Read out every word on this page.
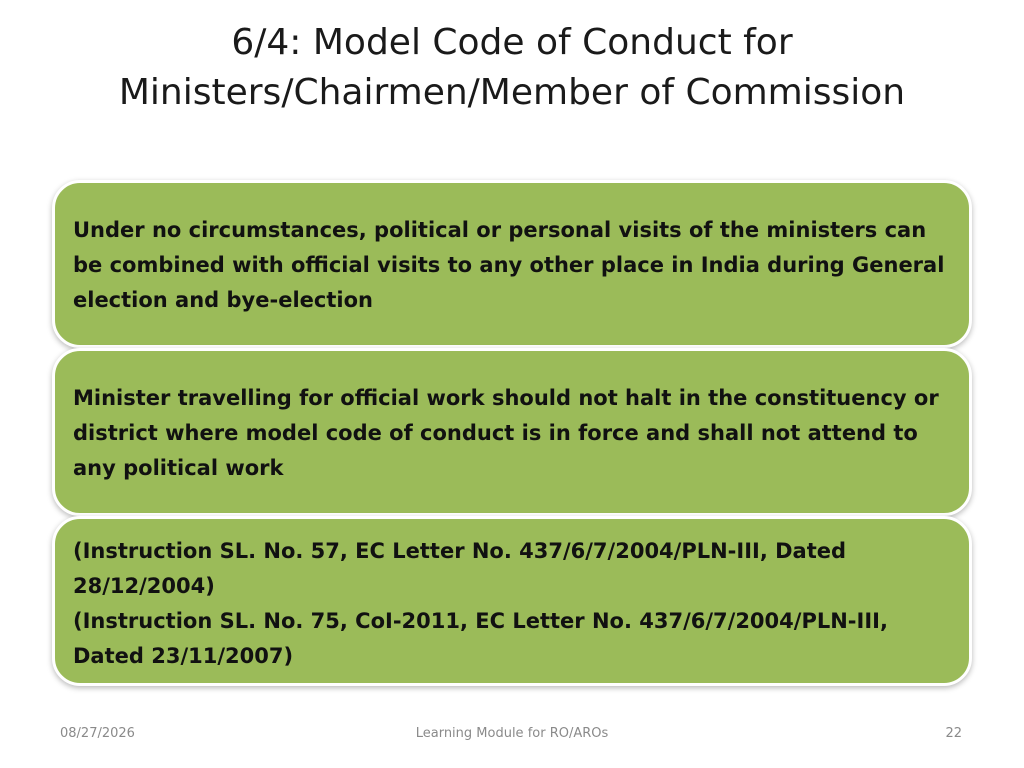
6/4: Model Code of Conduct for
Ministers/Chairmen/Member of Commission

Under no circumstances, political or personal visits of the ministers can be combined with official visits to any other place in India during General election and bye-election

Minister travelling for official work should not halt in the constituency or district where model code of conduct is in force and shall not attend to any political work

(Instruction SL. No. 57, EC Letter No. 437/6/7/2004/PLN-III, Dated 28/12/2004)

(Instruction SL. No. 75, CoI-2011, EC Letter No. 437/6/7/2004/PLN-III, Dated 23/11/2007)

08/27/2026	Learning Module for RO/AROs	22
